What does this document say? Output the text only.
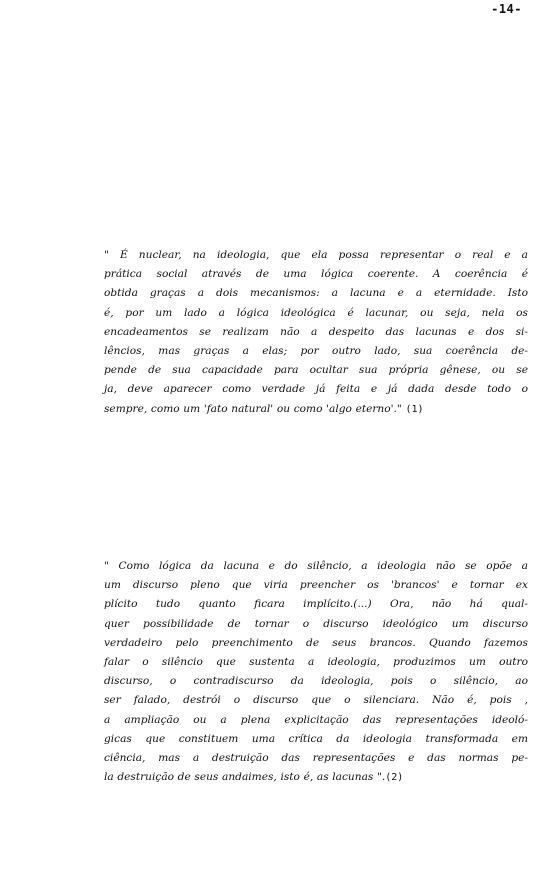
-14-

" É nuclear, na ideologia, que ela possa representar o real e a
prática social através de uma lógica coerente. A coerência é
obtida graças a dois mecanismos: a lacuna e a eternidade. Isto
é, por um lado a lógica ideológica é lacunar, ou seja, nela os
encadeamentos se realizam não a despeito das lacunas e dos si-
lêncios, mas graças a elas; por outro lado, sua coerência de-
pende de sua capacidade para ocultar sua própria gênese, ou se
ja, deve aparecer como verdade já feita e já dada desde todo o
sempre, como um 'fato natural' ou como 'algo eterno'." (1)

" Como lógica da lacuna e do silêncio, a ideologia não se opõe a
um discurso pleno que viria preencher os 'brancos' e tornar ex
plícito tudo quanto ficara implícito.(...) Ora, não há qual-
quer possibilidade de tornar o discurso ideológico um discurso
verdadeiro pelo preenchimento de seus brancos. Quando fazemos
falar o silêncio que sustenta a ideologia, produzimos um outro
discurso, o contradiscurso da ideologia, pois o silêncio, ao
ser falado, destrói o discurso que o silenciara. Não é, pois ,
a ampliação ou a plena explicitação das representações ideoló-
gicas que constituem uma crítica da ideologia transformada em
ciência, mas a destruição das representações e das normas pe-
la destruição de seus andaimes, isto é, as lacunas ".(2)
